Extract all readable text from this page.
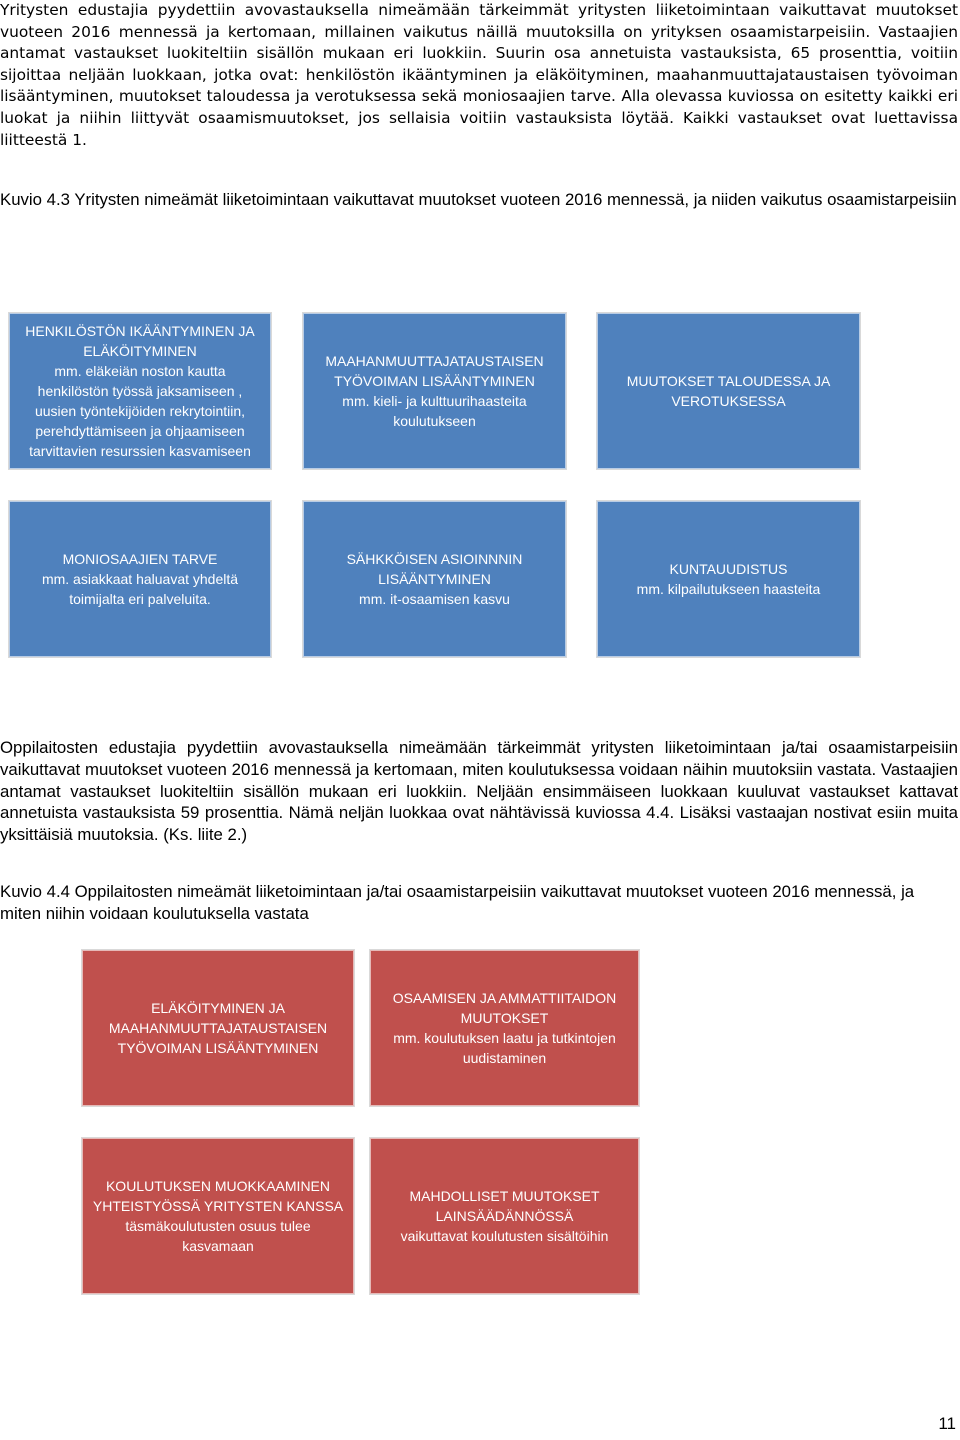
Yritysten edustajia pyydettiin avovastauksella nimeämään tärkeimmät yritysten liiketoimintaan vaikuttavat muutokset vuoteen 2016 mennessä ja kertomaan, millainen vaikutus näillä muutoksilla on yrityksen osaamistarpeisiin. Vastaajien antamat vastaukset luokiteltiin sisällön mukaan eri luokkiin. Suurin osa annetuista vastauksista, 65 prosenttia, voitiin sijoittaa neljään luokkaan, jotka ovat: henkilöstön ikääntyminen ja eläköityminen, maahanmuuttajataustaisen työvoiman lisääntyminen, muutokset taloudessa ja verotuksessa sekä moniosaajien tarve. Alla olevassa kuviossa on esitetty kaikki eri luokat ja niihin liittyvät osaamismuutokset, jos sellaisia voitiin vastauksista löytää. Kaikki vastaukset ovat luettavissa liitteestä 1.

Kuvio 4.3 Yritysten nimeämät liiketoimintaan vaikuttavat muutokset vuoteen 2016 mennessä, ja niiden vaikutus osaamistarpeisiin

HENKILÖSTÖN IKÄÄNTYMINEN JA ELÄKÖITYMINEN
mm. eläkeiän noston kautta henkilöstön työssä jaksamiseen , uusien työntekijöiden rekrytointiin, perehdyttämiseen ja ohjaamiseen tarvittavien resurssien kasvamiseen
MAAHANMUUTTAJATAUSTAISEN TYÖVOIMAN LISÄÄNTYMINEN
mm. kieli- ja kulttuurihaasteita koulutukseen
MUUTOKSET TALOUDESSA JA VEROTUKSESSA
MONIOSAAJIEN TARVE
mm. asiakkaat haluavat yhdeltä toimijalta eri palveluita.
SÄHKKÖISEN ASIOINNNIN LISÄÄNTYMINEN
mm. it-osaamisen kasvu
KUNTAUUDISTUS
mm. kilpailutukseen haasteita

Oppilaitosten edustajia pyydettiin avovastauksella nimeämään tärkeimmät yritysten liiketoimintaan ja/tai osaamistarpeisiin vaikuttavat muutokset vuoteen 2016 mennessä ja kertomaan, miten koulutuksessa voidaan näihin muutoksiin vastata. Vastaajien antamat vastaukset luokiteltiin sisällön mukaan eri luokkiin. Neljään ensimmäiseen luokkaan kuuluvat vastaukset kattavat annetuista vastauksista 59 prosenttia. Nämä neljän luokkaa ovat nähtävissä kuviossa 4.4. Lisäksi vastaajan nostivat esiin muita yksittäisiä muutoksia. (Ks. liite 2.)

Kuvio 4.4 Oppilaitosten nimeämät liiketoimintaan ja/tai osaamistarpeisiin vaikuttavat muutokset vuoteen 2016 mennessä, ja miten niihin voidaan koulutuksella vastata

ELÄKÖITYMINEN JA MAAHANMUUTTAJATAUSTAISEN TYÖVOIMAN LISÄÄNTYMINEN
OSAAMISEN JA AMMATTIITAIDON MUUTOKSET
mm. koulutuksen laatu ja tutkintojen uudistaminen
KOULUTUKSEN MUOKKAAMINEN YHTEISTYÖSSÄ YRITYSTEN KANSSA
täsmäkoulutusten osuus tulee kasvamaan
MAHDOLLISET MUUTOKSET LAINSÄÄDÄNNÖSSÄ
vaikuttavat koulutusten sisältöihin
11
